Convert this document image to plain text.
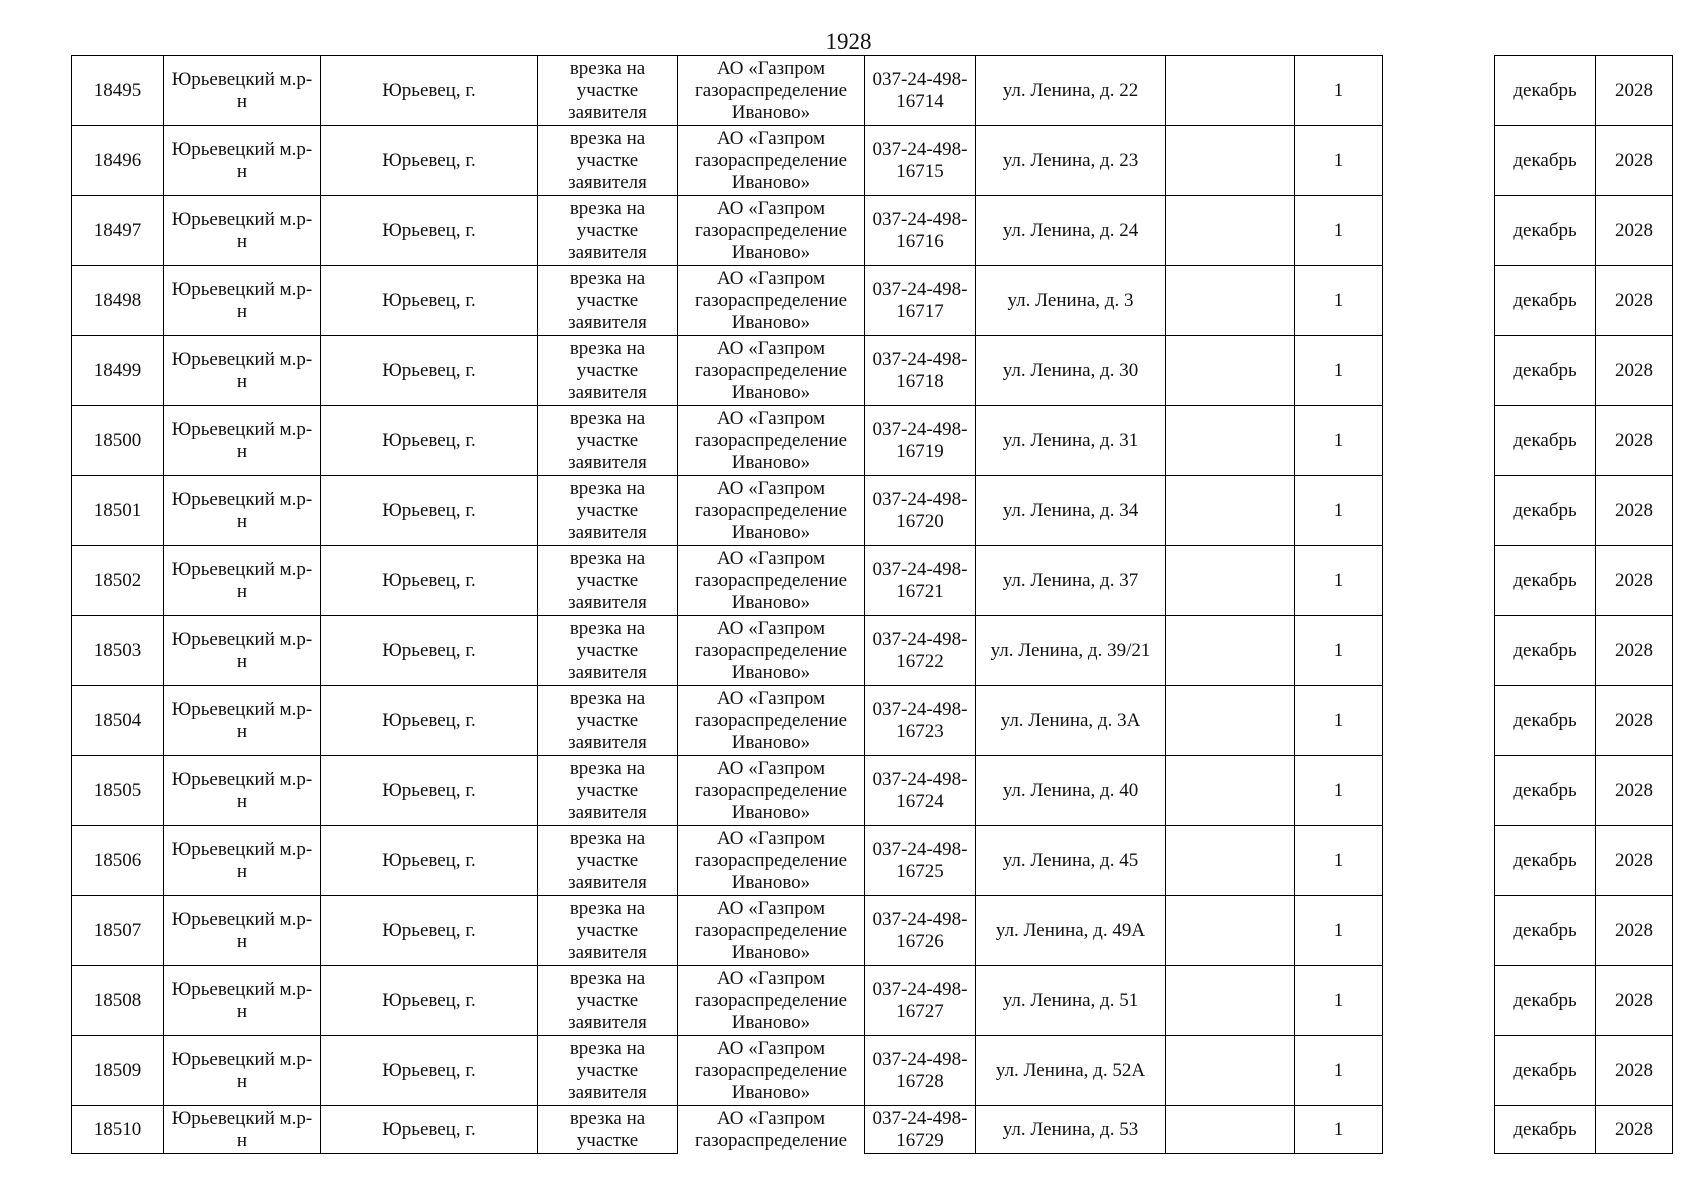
1928
18495	Юрьевецкий м.р-н	Юрьевец, г.	врезка на участке заявителя	АО «Газпром газораспределение Иваново»	037-24-498-16714	ул. Ленина, д. 22		1		декабрь	2028
18496	Юрьевецкий м.р-н	Юрьевец, г.	врезка на участке заявителя	АО «Газпром газораспределение Иваново»	037-24-498-16715	ул. Ленина, д. 23		1		декабрь	2028
18497	Юрьевецкий м.р-н	Юрьевец, г.	врезка на участке заявителя	АО «Газпром газораспределение Иваново»	037-24-498-16716	ул. Ленина, д. 24		1		декабрь	2028
18498	Юрьевецкий м.р-н	Юрьевец, г.	врезка на участке заявителя	АО «Газпром газораспределение Иваново»	037-24-498-16717	ул. Ленина, д. 3		1		декабрь	2028
18499	Юрьевецкий м.р-н	Юрьевец, г.	врезка на участке заявителя	АО «Газпром газораспределение Иваново»	037-24-498-16718	ул. Ленина, д. 30		1		декабрь	2028
18500	Юрьевецкий м.р-н	Юрьевец, г.	врезка на участке заявителя	АО «Газпром газораспределение Иваново»	037-24-498-16719	ул. Ленина, д. 31		1		декабрь	2028
18501	Юрьевецкий м.р-н	Юрьевец, г.	врезка на участке заявителя	АО «Газпром газораспределение Иваново»	037-24-498-16720	ул. Ленина, д. 34		1		декабрь	2028
18502	Юрьевецкий м.р-н	Юрьевец, г.	врезка на участке заявителя	АО «Газпром газораспределение Иваново»	037-24-498-16721	ул. Ленина, д. 37		1		декабрь	2028
18503	Юрьевецкий м.р-н	Юрьевец, г.	врезка на участке заявителя	АО «Газпром газораспределение Иваново»	037-24-498-16722	ул. Ленина, д. 39/21		1		декабрь	2028
18504	Юрьевецкий м.р-н	Юрьевец, г.	врезка на участке заявителя	АО «Газпром газораспределение Иваново»	037-24-498-16723	ул. Ленина, д. 3А		1		декабрь	2028
18505	Юрьевецкий м.р-н	Юрьевец, г.	врезка на участке заявителя	АО «Газпром газораспределение Иваново»	037-24-498-16724	ул. Ленина, д. 40		1		декабрь	2028
18506	Юрьевецкий м.р-н	Юрьевец, г.	врезка на участке заявителя	АО «Газпром газораспределение Иваново»	037-24-498-16725	ул. Ленина, д. 45		1		декабрь	2028
18507	Юрьевецкий м.р-н	Юрьевец, г.	врезка на участке заявителя	АО «Газпром газораспределение Иваново»	037-24-498-16726	ул. Ленина, д. 49А		1		декабрь	2028
18508	Юрьевецкий м.р-н	Юрьевец, г.	врезка на участке заявителя	АО «Газпром газораспределение Иваново»	037-24-498-16727	ул. Ленина, д. 51		1		декабрь	2028
18509	Юрьевецкий м.р-н	Юрьевец, г.	врезка на участке заявителя	АО «Газпром газораспределение Иваново»	037-24-498-16728	ул. Ленина, д. 52А		1		декабрь	2028
18510	Юрьевецкий м.р-н	Юрьевец, г.	врезка на участке	АО «Газпром газораспределение	037-24-498-16729	ул. Ленина, д. 53		1		декабрь	2028
